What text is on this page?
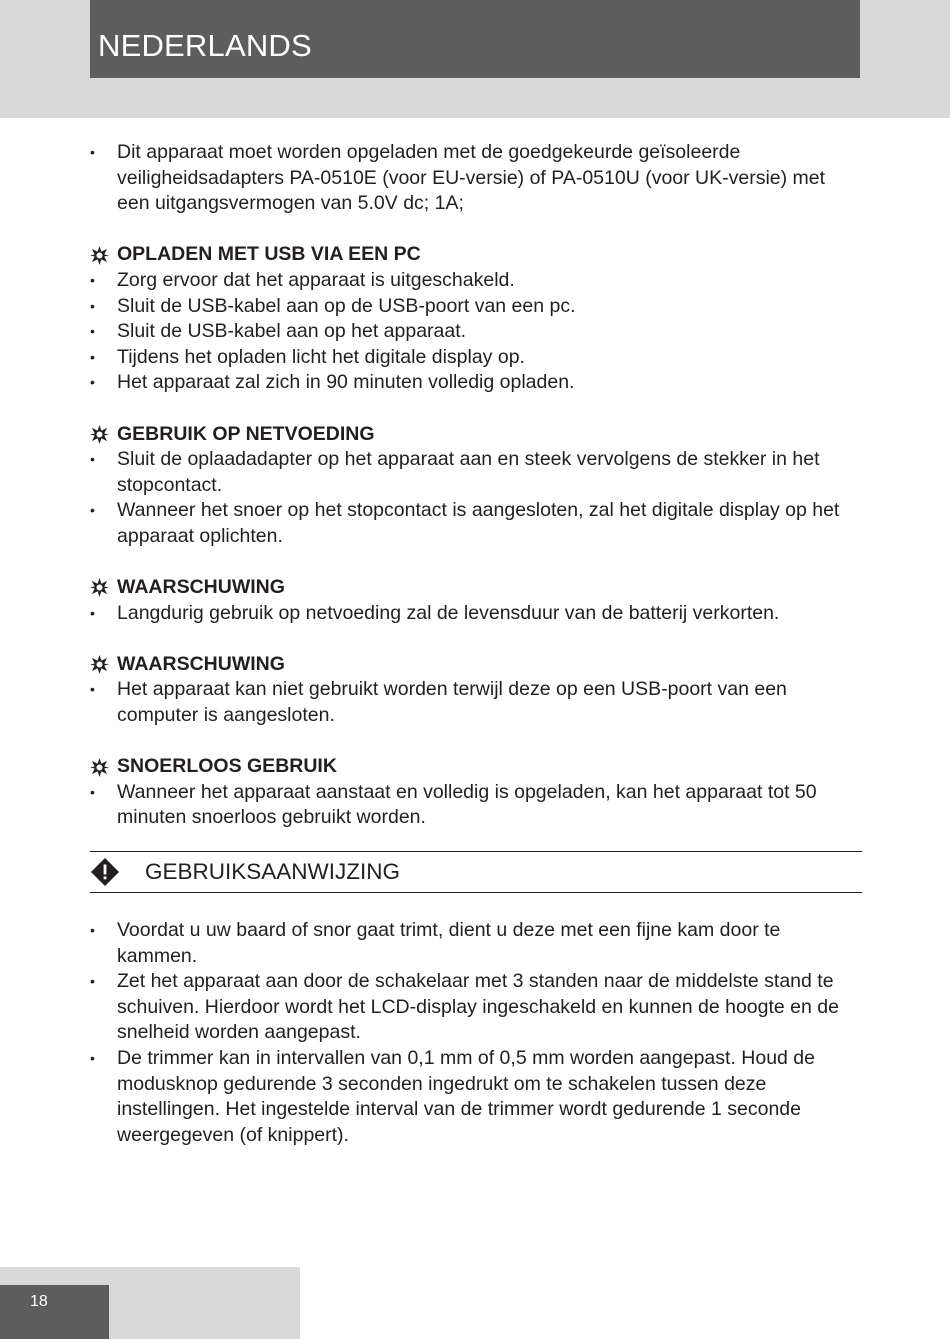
NEDERLANDS
• Dit apparaat moet worden opgeladen met de goedgekeurde geïsoleerde veiligheidsadapters PA-0510E (voor EU-versie) of PA-0510U (voor UK-versie) met een uitgangsvermogen van 5.0V dc; 1A;
OPLADEN MET USB VIA EEN PC
• Zorg ervoor dat het apparaat is uitgeschakeld.
• Sluit de USB-kabel aan op de USB-poort van een pc.
• Sluit de USB-kabel aan op het apparaat.
• Tijdens het opladen licht het digitale display op.
• Het apparaat zal zich in 90 minuten volledig opladen.
GEBRUIK OP NETVOEDING
• Sluit de oplaadadapter op het apparaat aan en steek vervolgens de stekker in het stopcontact.
• Wanneer het snoer op het stopcontact is aangesloten, zal het digitale display op het apparaat oplichten.
WAARSCHUWING
• Langdurig gebruik op netvoeding zal de levensduur van de batterij verkorten.
WAARSCHUWING
• Het apparaat kan niet gebruikt worden terwijl deze op een USB-poort van een computer is aangesloten.
SNOERLOOS GEBRUIK
• Wanneer het apparaat aanstaat en volledig is opgeladen, kan het apparaat tot 50 minuten snoerloos gebruikt worden.
GEBRUIKSAANWIJZING
• Voordat u uw baard of snor gaat trimt, dient u deze met een fijne kam door te kammen.
• Zet het apparaat aan door de schakelaar met 3 standen naar de middelste stand te schuiven. Hierdoor wordt het LCD-display ingeschakeld en kunnen de hoogte en de snelheid worden aangepast.
• De trimmer kan in intervallen van 0,1 mm of 0,5 mm worden aangepast. Houd de modusknop gedurende 3 seconden ingedrukt om te schakelen tussen deze instellingen. Het ingestelde interval van de trimmer wordt gedurende 1 seconde weergegeven (of knippert).
18
